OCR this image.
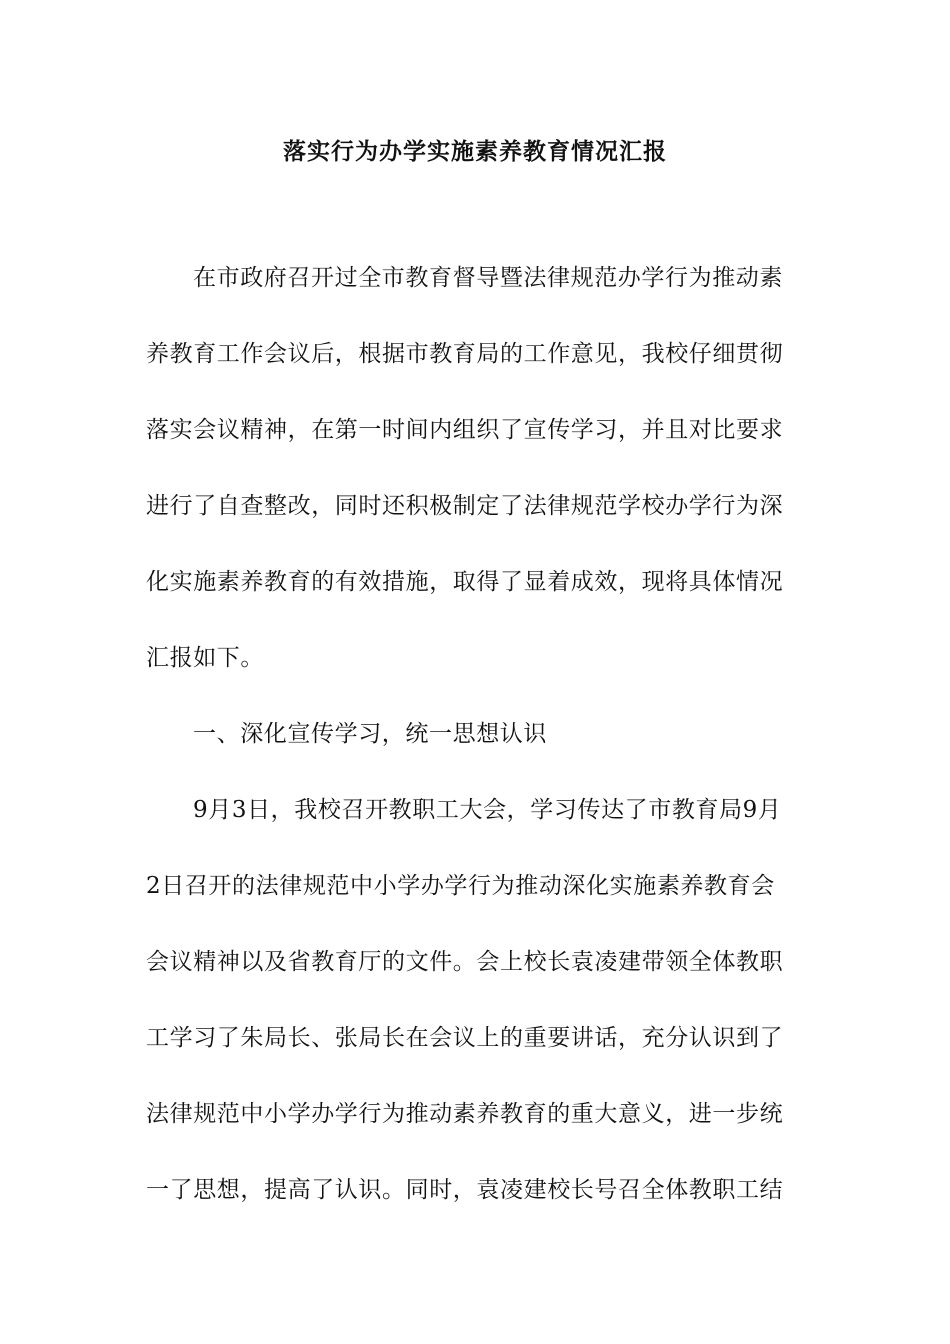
落实行为办学实施素养教育情况汇报

在市政府召开过全市教育督导暨法律规范办学行为推动素

养教育工作会议后，根据市教育局的工作意见，我校仔细贯彻

落实会议精神，在第一时间内组织了宣传学习，并且对比要求

进行了自查整改，同时还积极制定了法律规范学校办学行为深

化实施素养教育的有效措施，取得了显着成效，现将具体情况

汇报如下。

一、深化宣传学习，统一思想认识

9月3日，我校召开教职工大会，学习传达了市教育局9月

2日召开的法律规范中小学办学行为推动深化实施素养教育会

会议精神以及省教育厅的文件。会上校长袁凌建带领全体教职

工学习了朱局长、张局长在会议上的重要讲话，充分认识到了

法律规范中小学办学行为推动素养教育的重大意义，进一步统

一了思想，提高了认识。同时，袁凌建校长号召全体教职工结
